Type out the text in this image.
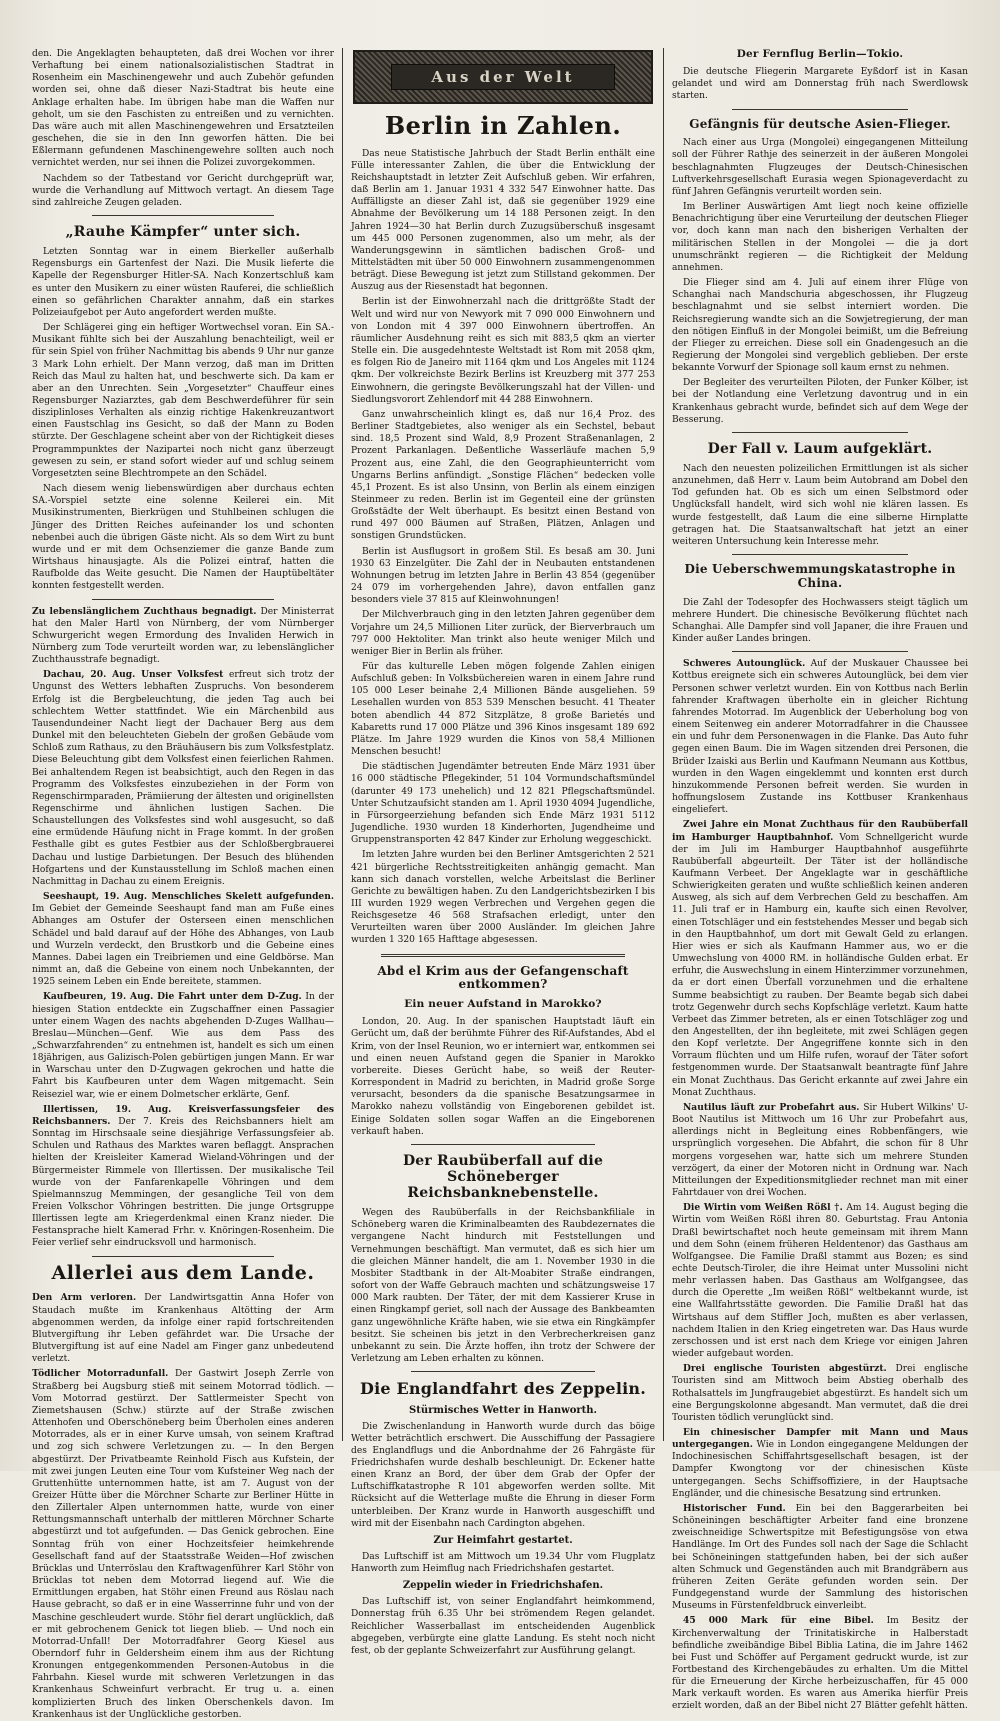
den. Die Angeklagten behaupteten, daß drei Wochen vor ihrer Verhaftung bei einem nationalsozialistischen Stadtrat in Rosenheim ein Maschinengewehr und auch Zubehör gefunden worden sei, ohne daß dieser Nazi-Stadtrat bis heute eine Anklage erhalten habe. Im übrigen habe man die Waffen nur geholt, um sie den Faschisten zu entreißen und zu vernichten. Das wäre auch mit allen Maschinengewehren und Ersatzteilen geschehen, die sie in den Inn geworfen hätten. Die bei Eßlermann gefundenen Maschinengewehre sollten auch noch vernichtet werden, nur sei ihnen die Polizei zuvorgekommen.

Nachdem so der Tatbestand vor Gericht durchgeprüft war, wurde die Verhandlung auf Mittwoch vertagt. An diesem Tage sind zahlreiche Zeugen geladen.

„Rauhe Kämpfer“ unter sich.

Letzten Sonntag war in einem Bierkeller außerhalb Regensburgs ein Gartenfest der Nazi. Die Musik lieferte die Kapelle der Regensburger Hitler-SA. Nach Konzertschluß kam es unter den Musikern zu einer wüsten Rauferei, die schließlich einen so gefährlichen Charakter annahm, daß ein starkes Polizeiaufgebot per Auto angefordert werden mußte.

Der Schlägerei ging ein heftiger Wortwechsel voran. Ein SA.-Musikant fühlte sich bei der Auszahlung benachteiligt, weil er für sein Spiel von früher Nachmittag bis abends 9 Uhr nur ganze 3 Mark Lohn erhielt. Der Mann verzog, daß man im Dritten Reich das Maul zu halten hat, und beschwerte sich. Da kam er aber an den Unrechten. Sein „Vorgesetzter“ Chauffeur eines Regensburger Naziarztes, gab dem Beschwerdeführer für sein disziplinloses Verhalten als einzig richtige Hakenkreuzantwort einen Faustschlag ins Gesicht, so daß der Mann zu Boden stürzte. Der Geschlagene scheint aber von der Richtigkeit dieses Programmpunktes der Nazipartei noch nicht ganz überzeugt gewesen zu sein, er stand sofort wieder auf und schlug seinem Vorgesetzten seine Blechtrompete an den Schädel.

Nach diesem wenig liebenswürdigen aber durchaus echten SA.-Vorspiel setzte eine solenne Keilerei ein. Mit Musikinstrumenten, Bierkrügen und Stuhlbeinen schlugen die Jünger des Dritten Reiches aufeinander los und schonten nebenbei auch die übrigen Gäste nicht. Als so dem Wirt zu bunt wurde und er mit dem Ochsenziemer die ganze Bande zum Wirtshaus hinausjagte. Als die Polizei eintraf, hatten die Raufbolde das Weite gesucht. Die Namen der Hauptübeltäter konnten festgestellt werden.

Zu lebenslänglichem Zuchthaus begnadigt. Der Ministerrat hat den Maler Hartl von Nürnberg, der vom Nürnberger Schwurgericht wegen Ermordung des Invaliden Herwich in Nürnberg zum Tode verurteilt worden war, zu lebenslänglicher Zuchthausstrafe begnadigt.

Dachau, 20. Aug. Unser Volksfest erfreut sich trotz der Ungunst des Wetters lebhaften Zuspruchs. Von besonderem Erfolg ist die Bergbeleuchtung, die jeden Tag auch bei schlechtem Wetter stattfindet. Wie ein Märchenbild aus Tausendundeiner Nacht liegt der Dachauer Berg aus dem Dunkel mit den beleuchteten Giebeln der großen Gebäude vom Schloß zum Rathaus, zu den Bräuhäusern bis zum Volksfestplatz. Diese Beleuchtung gibt dem Volksfest einen feierlichen Rahmen. Bei anhaltendem Regen ist beabsichtigt, auch den Regen in das Programm des Volksfestes einzubeziehen in der Form von Regenschirmparaden, Prämiierung der ältesten und originellsten Regenschirme und ähnlichen lustigen Sachen. Die Schaustellungen des Volksfestes sind wohl ausgesucht, so daß eine ermüdende Häufung nicht in Frage kommt. In der großen Festhalle gibt es gutes Festbier aus der Schloßbergbrauerei Dachau und lustige Darbietungen. Der Besuch des blühenden Hofgartens und der Kunstausstellung im Schloß machen einen Nachmittag in Dachau zu einem Ereignis.

Seeshaupt, 19. Aug. Menschliches Skelett aufgefunden. Im Gebiet der Gemeinde Seeshaupt fand man am Fuße eines Abhanges am Ostufer der Osterseen einen menschlichen Schädel und bald darauf auf der Höhe des Abhanges, von Laub und Wurzeln verdeckt, den Brustkorb und die Gebeine eines Mannes. Dabei lagen ein Treibriemen und eine Geldbörse. Man nimmt an, daß die Gebeine von einem noch Unbekannten, der 1925 seinem Leben ein Ende bereitete, stammen.

Kaufbeuren, 19. Aug. Die Fahrt unter dem D-Zug. In der hiesigen Station entdeckte ein Zugschaffner einen Passagier unter einem Wagen des nachts abgehenden D-Zuges Wallhau—Breslau—München—Genf. Wie aus dem Pass des „Schwarzfahrenden“ zu entnehmen ist, handelt es sich um einen 18jährigen, aus Galizisch-Polen gebürtigen jungen Mann. Er war in Warschau unter den D-Zugwagen gekrochen und hatte die Fahrt bis Kaufbeuren unter dem Wagen mitgemacht. Sein Reiseziel war, wie er einem Dolmetscher erklärte, Genf.

Illertissen, 19. Aug. Kreisverfassungsfeier des Reichsbanners. Der 7. Kreis des Reichsbanners hielt am Sonntag im Hirschsaale seine diesjährige Verfassungsfeier ab. Schulen und Rathaus des Marktes waren beflaggt. Ansprachen hielten der Kreisleiter Kamerad Wieland-Vöhringen und der Bürgermeister Rimmele von Illertissen. Der musikalische Teil wurde von der Fanfarenkapelle Vöhringen und dem Spielmannszug Memmingen, der gesangliche Teil von dem Freien Volkschor Vöhringen bestritten. Die junge Ortsgruppe Illertissen legte am Kriegerdenkmal einen Kranz nieder. Die Festansprache hielt Kamerad Frhr. v. Knöringen-Rosenheim. Die Feier verlief sehr eindrucksvoll und harmonisch.

Allerlei aus dem Lande.

Den Arm verloren. Der Landwirtsgattin Anna Hofer von Staudach mußte im Krankenhaus Altötting der Arm abgenommen werden, da infolge einer rapid fortschreitenden Blutvergiftung ihr Leben gefährdet war. Die Ursache der Blutvergiftung ist auf eine Nadel am Finger ganz unbedeutend verletzt.

Tödlicher Motorradunfall. Der Gastwirt Joseph Zerrle von Straßberg bei Augsburg stieß mit seinem Motorrad tödlich. — Vom Motorrad gestürzt. Der Sattlermeister Specht von Ziemetshausen (Schw.) stürzte auf der Straße zwischen Attenhofen und Oberschöneberg beim Überholen eines anderen Motorrades, als er in einer Kurve umsah, von seinem Kraftrad und zog sich schwere Verletzungen zu. — In den Bergen abgestürzt. Der Privatbeamte Reinhold Fisch aus Kufstein, der mit zwei jungen Leuten eine Tour vom Kufsteiner Weg nach der Gruttenhütte unternommen hatte, ist am 7. August von der Greizer Hütte über die Mörchner Scharte zur Berliner Hütte in den Zillertaler Alpen unternommen hatte, wurde von einer Rettungsmannschaft unterhalb der mittleren Mörchner Scharte abgestürzt und tot aufgefunden. — Das Genick gebrochen. Eine Sonntag früh von einer Hochzeitsfeier heimkehrende Gesellschaft fand auf der Staatsstraße Weiden—Hof zwischen Brücklas und Unterröslau den Kraftwagenführer Karl Stöhr von Brücklas tot neben dem Motorrad liegend auf. Wie die Ermittlungen ergaben, hat Stöhr einen Freund aus Röslau nach Hause gebracht, so daß er in eine Wasserrinne fuhr und von der Maschine geschleudert wurde. Stöhr fiel derart unglücklich, daß er mit gebrochenem Genick tot liegen blieb. — Und noch ein Motorrad-Unfall! Der Motorradfahrer Georg Kiesel aus Oberndorf fuhr in Geldersheim einem ihm aus der Richtung Kronungen entgegenkommenden Personen-Autobus in die Fahrbahn. Kiesel wurde mit schweren Verletzungen in das Krankenhaus Schweinfurt verbracht. Er trug u. a. einen komplizierten Bruch des linken Oberschenkels davon. Im Krankenhaus ist der Unglückliche gestorben.

Aus der Welt
Berlin in Zahlen.

Das neue Statistische Jahrbuch der Stadt Berlin enthält eine Fülle interessanter Zahlen, die über die Entwicklung der Reichshauptstadt in letzter Zeit Aufschluß geben. Wir erfahren, daß Berlin am 1. Januar 1931 4 332 547 Einwohner hatte. Das Auffälligste an dieser Zahl ist, daß sie gegenüber 1929 eine Abnahme der Bevölkerung um 14 188 Personen zeigt. In den Jahren 1924—30 hat Berlin durch Zuzugsüberschuß insgesamt um 445 000 Personen zugenommen, also um mehr, als der Wanderungsgewinn in sämtlichen badischen Groß- und Mittelstädten mit über 50 000 Einwohnern zusammengenommen beträgt. Diese Bewegung ist jetzt zum Stillstand gekommen. Der Auszug aus der Riesenstadt hat begonnen.

Berlin ist der Einwohnerzahl nach die drittgrößte Stadt der Welt und wird nur von Newyork mit 7 090 000 Einwohnern und von London mit 4 397 000 Einwohnern übertroffen. An räumlicher Ausdehnung reiht es sich mit 883,5 qkm an vierter Stelle ein. Die ausgedehnteste Weltstadt ist Rom mit 2058 qkm, es folgen Rio de Janeiro mit 1164 qkm und Los Angeles mit 1124 qkm. Der volkreichste Bezirk Berlins ist Kreuzberg mit 377 253 Einwohnern, die geringste Bevölkerungszahl hat der Villen- und Siedlungsvorort Zehlendorf mit 44 288 Einwohnern.

Ganz unwahrscheinlich klingt es, daß nur 16,4 Proz. des Berliner Stadtgebietes, also weniger als ein Sechstel, bebaut sind. 18,5 Prozent sind Wald, 8,9 Prozent Straßenanlagen, 2 Prozent Parkanlagen. Deßentliche Wasserläufe machen 5,9 Prozent aus, eine Zahl, die den Geographieunterricht vom Ungarns Berlins anfündigt. „Sonstige Flächen“ bedecken volle 45,1 Prozent. Es ist also Unsinn, von Berlin als einem einzigen Steinmeer zu reden. Berlin ist im Gegenteil eine der grünsten Großstädte der Welt überhaupt. Es besitzt einen Bestand von rund 497 000 Bäumen auf Straßen, Plätzen, Anlagen und sonstigen Grundstücken.

Berlin ist Ausflugsort in großem Stil. Es besaß am 30. Juni 1930 63 Einzelgüter. Die Zahl der in Neubauten entstandenen Wohnungen betrug im letzten Jahre in Berlin 43 854 (gegenüber 24 079 im vorhergehenden Jahre), davon entfallen ganz besonders viele 37 815 auf Kleinwohnungen!

Der Milchverbrauch ging in den letzten Jahren gegenüber dem Vorjahre um 24,5 Millionen Liter zurück, der Bierverbrauch um 797 000 Hektoliter. Man trinkt also heute weniger Milch und weniger Bier in Berlin als früher.

Für das kulturelle Leben mögen folgende Zahlen einigen Aufschluß geben: In Volksbüchereien waren in einem Jahre rund 105 000 Leser beinahe 2,4 Millionen Bände ausgeliehen. 59 Lesehallen wurden von 853 539 Menschen besucht. 41 Theater boten abendlich 44 872 Sitzplätze, 8 große Barietés und Kabaretts rund 17 000 Plätze und 396 Kinos insgesamt 189 692 Plätze. Im Jahre 1929 wurden die Kinos von 58,4 Millionen Menschen besucht!

Die städtischen Jugendämter betreuten Ende März 1931 über 16 000 städtische Pflegekinder, 51 104 Vormundschaftsmündel (darunter 49 173 unehelich) und 12 821 Pflegschaftsmündel. Unter Schutzaufsicht standen am 1. April 1930 4094 Jugendliche, in Fürsorgeerziehung befanden sich Ende März 1931 5112 Jugendliche. 1930 wurden 18 Kinderhorten, Jugendheime und Gruppenstransporten 42 847 Kinder zur Erholung weggeschickt.

Im letzten Jahre wurden bei den Berliner Amtsgerichten 2 521 421 bürgerliche Rechtsstreitigkeiten anhängig gemacht. Man kann sich danach vorstellen, welche Arbeitslast die Berliner Gerichte zu bewältigen haben. Zu den Landgerichtsbezirken I bis III wurden 1929 wegen Verbrechen und Vergehen gegen die Reichsgesetze 46 568 Strafsachen erledigt, unter den Verurteilten waren über 2000 Ausländer. Im gleichen Jahre wurden 1 320 165 Hafttage abgesessen.

Abd el Krim aus der Gefangenschaft entkommen?
Ein neuer Aufstand in Marokko?

London, 20. Aug. In der spanischen Hauptstadt läuft ein Gerücht um, daß der berühmte Führer des Rif-Aufstandes, Abd el Krim, von der Insel Reunion, wo er interniert war, entkommen sei und einen neuen Aufstand gegen die Spanier in Marokko vorbereite. Dieses Gerücht habe, so weiß der Reuter-Korrespondent in Madrid zu berichten, in Madrid große Sorge verursacht, besonders da die spanische Besatzungsarmee in Marokko nahezu vollständig von Eingeborenen gebildet ist. Einige Soldaten sollen sogar Waffen an die Eingeborenen verkauft haben.

Der Raubüberfall auf die Schöneberger Reichsbanknebenstelle.

Wegen des Raubüberfalls in der Reichsbankfiliale in Schöneberg waren die Kriminalbeamten des Raubdezernates die vergangene Nacht hindurch mit Feststellungen und Vernehmungen beschäftigt. Man vermutet, daß es sich hier um die gleichen Männer handelt, die am 1. November 1930 in die Mosbiter Stadtbank in der Alt-Moabiter Straße eindrangen, sofort von der Waffe Gebrauch machten und schätzungsweise 17 000 Mark raubten. Der Täter, der mit dem Kassierer Kruse in einen Ringkampf geriet, soll nach der Aussage des Bankbeamten ganz ungewöhnliche Kräfte haben, wie sie etwa ein Ringkämpfer besitzt. Sie scheinen bis jetzt in den Verbrecherkreisen ganz unbekannt zu sein. Die Ärzte hoffen, ihn trotz der Schwere der Verletzung am Leben erhalten zu können.

Die Englandfahrt des Zeppelin.
Stürmisches Wetter in Hanworth.

Die Zwischenlandung in Hanworth wurde durch das böige Wetter beträchtlich erschwert. Die Ausschiffung der Passagiere des Englandflugs und die Anbordnahme der 26 Fahrgäste für Friedrichshafen wurde deshalb beschleunigt. Dr. Eckener hatte einen Kranz an Bord, der über dem Grab der Opfer der Luftschiffkatastrophe R 101 abgeworfen werden sollte. Mit Rücksicht auf die Wetterlage mußte die Ehrung in dieser Form unterbleiben. Der Kranz wurde in Hanworth ausgeschifft und wird mit der Eisenbahn nach Cardington abgehen.

Zur Heimfahrt gestartet.

Das Luftschiff ist am Mittwoch um 19.34 Uhr vom Flugplatz Hanworth zum Heimflug nach Friedrichshafen gestartet.

Zeppelin wieder in Friedrichshafen.

Das Luftschiff ist, von seiner Englandfahrt heimkommend, Donnerstag früh 6.35 Uhr bei strömendem Regen gelandet. Reichlicher Wasserballast im entscheidenden Augenblick abgegeben, verbürgte eine glatte Landung. Es steht noch nicht fest, ob der geplante Schweizerfahrt zur Ausführung gelangt.

Der Fernflug Berlin—Tokio.

Die deutsche Fliegerin Margarete Eyßdorf ist in Kasan gelandet und wird am Donnerstag früh nach Swerdlowsk starten.

Gefängnis für deutsche Asien-Flieger.

Nach einer aus Urga (Mongolei) eingegangenen Mitteilung soll der Führer Rathje des seinerzeit in der äußeren Mongolei beschlagnahmten Flugzeuges der Deutsch-Chinesischen Luftverkehrsgesellschaft Eurasia wegen Spionageverdacht zu fünf Jahren Gefängnis verurteilt worden sein.

Im Berliner Auswärtigen Amt liegt noch keine offizielle Benachrichtigung über eine Verurteilung der deutschen Flieger vor, doch kann man nach den bisherigen Verhalten der militärischen Stellen in der Mongolei — die ja dort unumschränkt regieren — die Richtigkeit der Meldung annehmen.

Die Flieger sind am 4. Juli auf einem ihrer Flüge von Schanghai nach Mandschuria abgeschossen, ihr Flugzeug beschlagnahmt und sie selbst interniert worden. Die Reichsregierung wandte sich an die Sowjetregierung, der man den nötigen Einfluß in der Mongolei beimißt, um die Befreiung der Flieger zu erreichen. Diese soll ein Gnadengesuch an die Regierung der Mongolei sind vergeblich geblieben. Der erste bekannte Vorwurf der Spionage soll kaum ernst zu nehmen.

Der Begleiter des verurteilten Piloten, der Funker Kölber, ist bei der Notlandung eine Verletzung davontrug und in ein Krankenhaus gebracht wurde, befindet sich auf dem Wege der Besserung.

Der Fall v. Laum aufgeklärt.

Nach den neuesten polizeilichen Ermittlungen ist als sicher anzunehmen, daß Herr v. Laum beim Autobrand am Dobel den Tod gefunden hat. Ob es sich um einen Selbstmord oder Unglücksfall handelt, wird sich wohl nie klären lassen. Es wurde festgestellt, daß Laum die eine silberne Hirnplatte getragen hat. Die Staatsanwaltschaft hat jetzt an einer weiteren Untersuchung kein Interesse mehr.

Die Ueberschwemmungskatastrophe in China.

Die Zahl der Todesopfer des Hochwassers steigt täglich um mehrere Hundert. Die chinesische Bevölkerung flüchtet nach Schanghai. Alle Dampfer sind voll Japaner, die ihre Frauen und Kinder außer Landes bringen.

Schweres Autounglück. Auf der Muskauer Chaussee bei Kottbus ereignete sich ein schweres Autounglück, bei dem vier Personen schwer verletzt wurden. Ein von Kottbus nach Berlin fahrender Kraftwagen überholte ein in gleicher Richtung fahrendes Motorrad. Im Augenblick der Ueberholung bog von einem Seitenweg ein anderer Motorradfahrer in die Chaussee ein und fuhr dem Personenwagen in die Flanke. Das Auto fuhr gegen einen Baum. Die im Wagen sitzenden drei Personen, die Brüder Izaiski aus Berlin und Kaufmann Neumann aus Kottbus, wurden in den Wagen eingeklemmt und konnten erst durch hinzukommende Personen befreit werden. Sie wurden in hoffnungslosem Zustande ins Kottbuser Krankenhaus eingeliefert.

Zwei Jahre ein Monat Zuchthaus für den Raubüberfall im Hamburger Hauptbahnhof. Vom Schnellgericht wurde der im Juli im Hamburger Hauptbahnhof ausgeführte Raubüberfall abgeurteilt. Der Täter ist der holländische Kaufmann Verbeet. Der Angeklagte war in geschäftliche Schwierigkeiten geraten und wußte schließlich keinen anderen Ausweg, als sich auf dem Verbrechen Geld zu beschaffen. Am 11. Juli traf er in Hamburg ein, kaufte sich einen Revolver, einen Totschläger und ein feststehendes Messer und begab sich in den Hauptbahnhof, um dort mit Gewalt Geld zu erlangen. Hier wies er sich als Kaufmann Hammer aus, wo er die Umwechslung von 4000 RM. in holländische Gulden erbat. Er erfuhr, die Auswechslung in einem Hinterzimmer vorzunehmen, da er dort einen Überfall vorzunehmen und die erhaltene Summe beabsichtigt zu rauben. Der Beamte begab sich dabei trotz Gegenwehr durch sechs Kopfschläge verletzt. Kaum hatte Verbeet das Zimmer betreten, als er einen Totschläger zog und den Angestellten, der ihn begleitete, mit zwei Schlägen gegen den Kopf verletzte. Der Angegriffene konnte sich in den Vorraum flüchten und um Hilfe rufen, worauf der Täter sofort festgenommen wurde. Der Staatsanwalt beantragte fünf Jahre ein Monat Zuchthaus. Das Gericht erkannte auf zwei Jahre ein Monat Zuchthaus.

Nautilus läuft zur Probefahrt aus. Sir Hubert Wilkins' U-Boot Nautilus ist Mittwoch um 16 Uhr zur Probefahrt aus, allerdings nicht in Begleitung eines Robbenfängers, wie ursprünglich vorgesehen. Die Abfahrt, die schon für 8 Uhr morgens vorgesehen war, hatte sich um mehrere Stunden verzögert, da einer der Motoren nicht in Ordnung war. Nach Mitteilungen der Expeditionsmitglieder rechnet man mit einer Fahrtdauer von drei Wochen.

Die Wirtin vom Weißen Rößl †. Am 14. August beging die Wirtin vom Weißen Rößl ihren 80. Geburtstag. Frau Antonia Draßl bewirtschaftet noch heute gemeinsam mit ihrem Mann und dem Sohn (einem früheren Heldentenor) das Gasthaus am Wolfgangsee. Die Familie Draßl stammt aus Bozen; es sind echte Deutsch-Tiroler, die ihre Heimat unter Mussolini nicht mehr verlassen haben. Das Gasthaus am Wolfgangsee, das durch die Operette „Im weißen Rößl“ weltbekannt wurde, ist eine Wallfahrtsstätte geworden. Die Familie Draßl hat das Wirtshaus auf dem Stiffler Joch, mußten es aber verlassen, nachdem Italien in den Krieg eingetreten war. Das Haus wurde zerschossen und ist erst nach dem Kriege vor einigen Jahren wieder aufgebaut worden.

Drei englische Touristen abgestürzt. Drei englische Touristen sind am Mittwoch beim Abstieg oberhalb des Rothalsattels im Jungfraugebiet abgestürzt. Es handelt sich um eine Bergungskolonne abgesandt. Man vermutet, daß die drei Touristen tödlich verunglückt sind.

Ein chinesischer Dampfer mit Mann und Maus untergegangen. Wie in London eingegangene Meldungen der Indochinesischen Schiffahrtsgesellschaft besagen, ist der Dampfer Kwongtong vor der chinesischen Küste untergegangen. Sechs Schiffsoffiziere, in der Hauptsache Engländer, und die chinesische Besatzung sind ertrunken.

Historischer Fund. Ein bei den Baggerarbeiten bei Schöneiningen beschäftigter Arbeiter fand eine bronzene zweischneidige Schwertspitze mit Befestigungsöse von etwa Handlänge. Im Ort des Fundes soll nach der Sage die Schlacht bei Schöneiningen stattgefunden haben, bei der sich außer alten Schmuck und Gegenständen auch mit Brandgräbern aus früheren Zeiten Geräte gefunden worden sein. Der Fundgegenstand wurde der Sammlung des historischen Museums in Fürstenfeldbruck einverleibt.

45 000 Mark für eine Bibel. Im Besitz der Kirchenverwaltung der Trinitatiskirche in Halberstadt befindliche zweibändige Bibel Biblia Latina, die im Jahre 1462 bei Fust und Schöffer auf Pergament gedruckt wurde, ist zur Fortbestand des Kirchengebäudes zu erhalten. Um die Mittel für die Erneuerung der Kirche herbeizuschaffen, für 45 000 Mark verkauft worden. Es waren aus Amerika hierfür Preis erzielt worden, daß an der Bibel nicht 27 Blätter gefehlt hätten.
